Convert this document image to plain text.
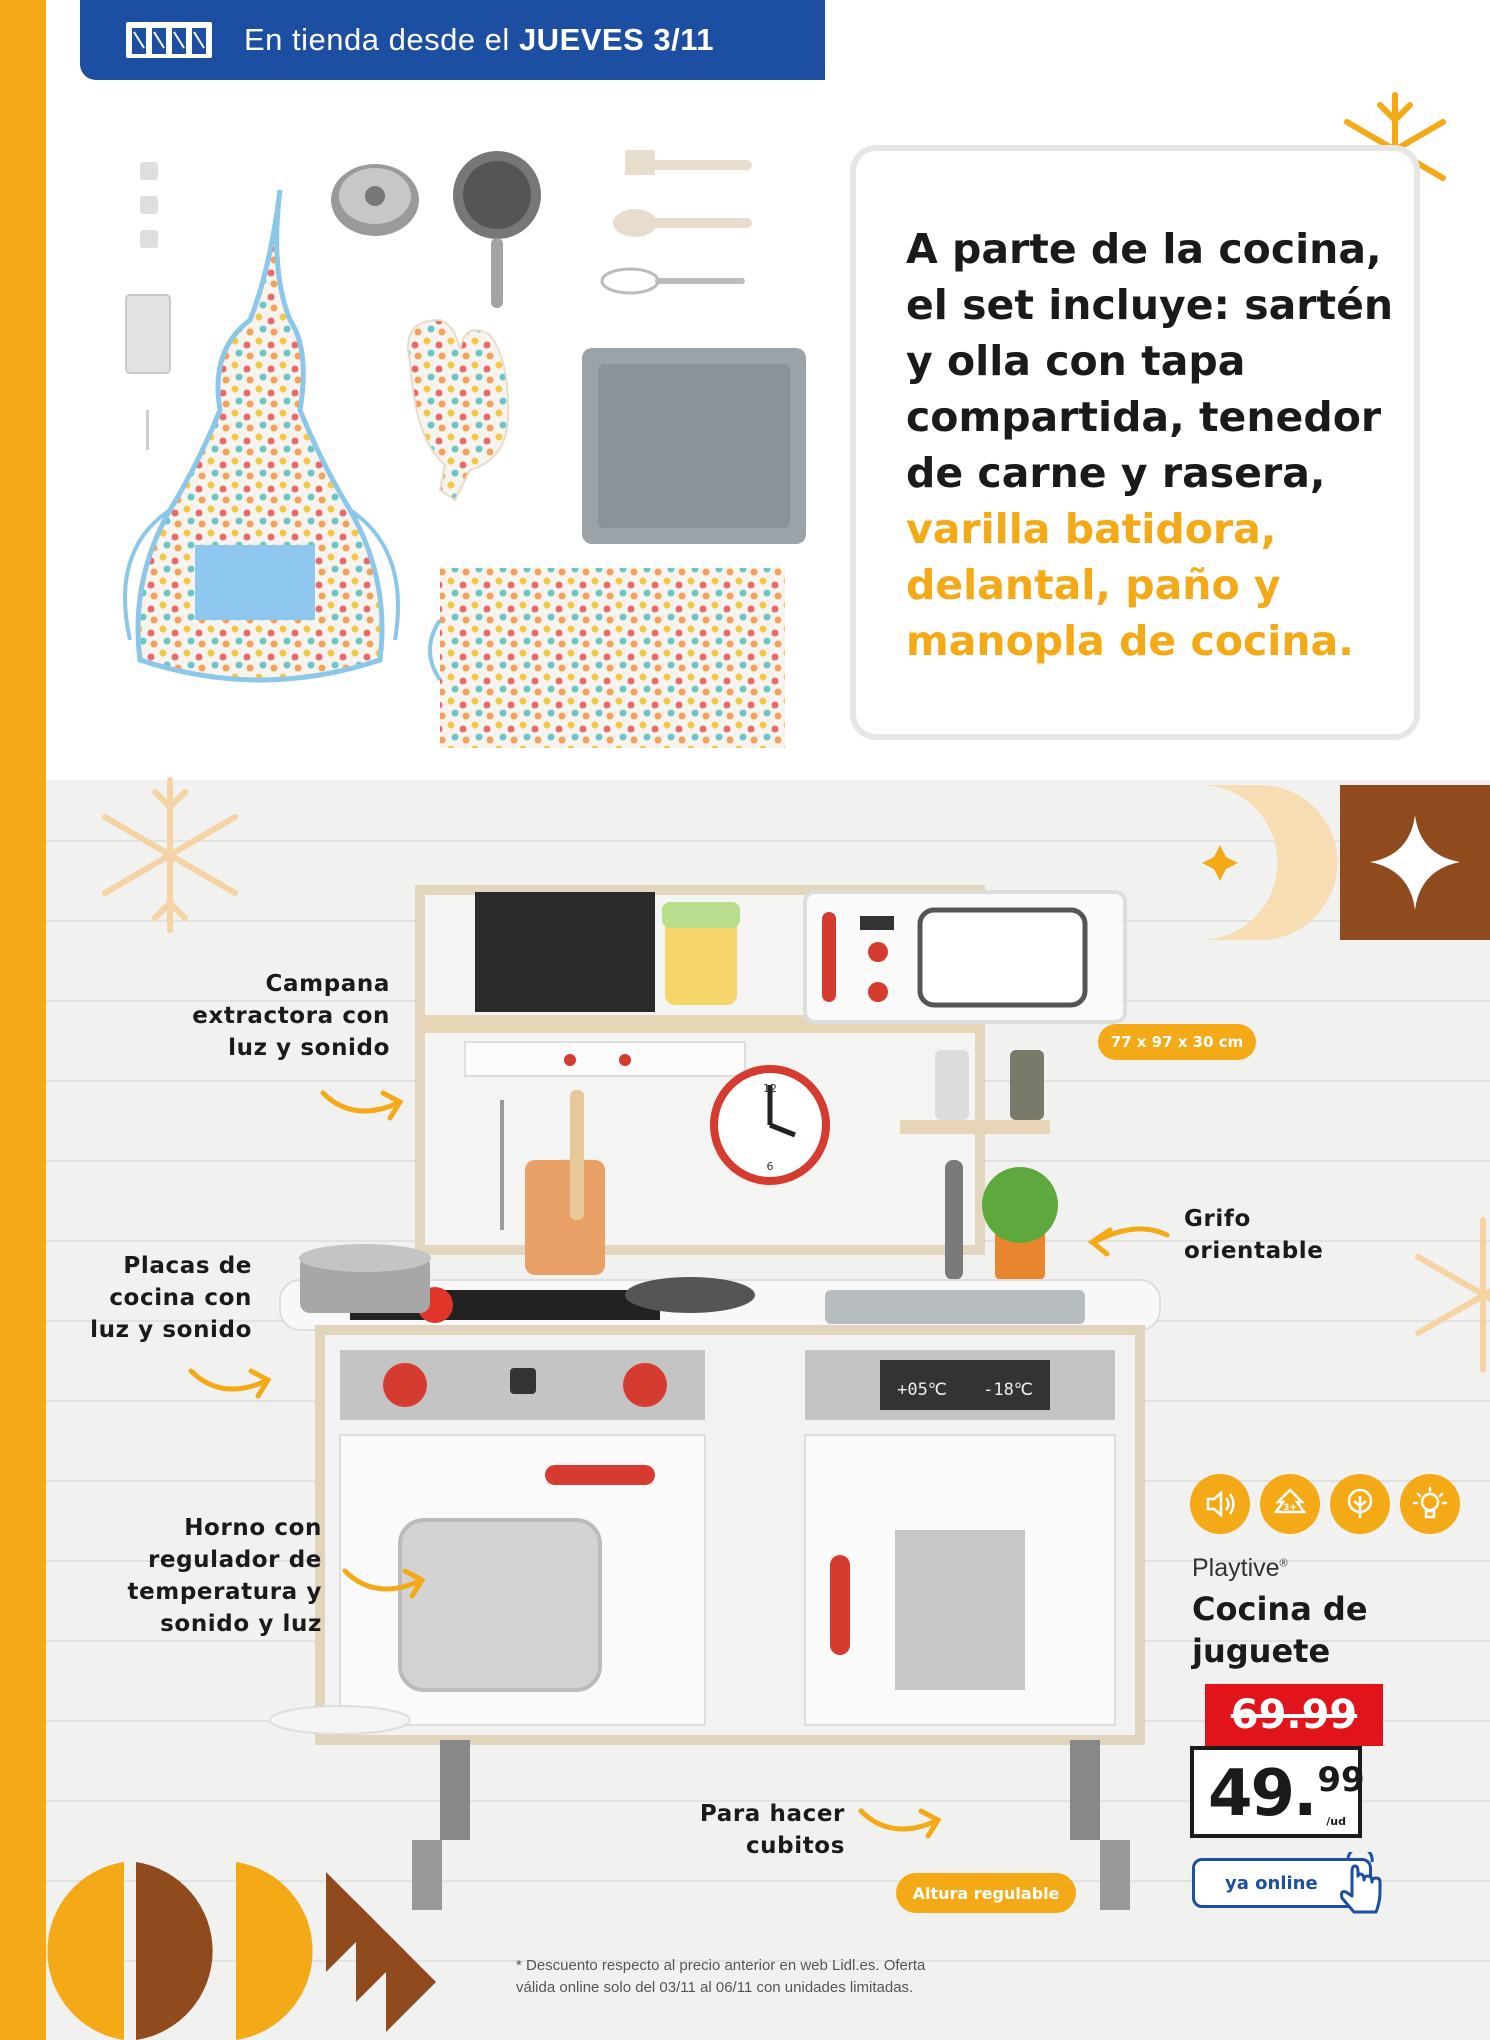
En tienda desde el JUEVES 3/11
A parte de la cocina,
el set incluye: sartén
y olla con tapa
compartida, tenedor
de carne y rasera,
varilla batidora,
delantal, paño y
manopla de cocina.
12
6
+05℃ -18℃
Campana
extractora con
luz y sonido
Placas de
cocina con
luz y sonido
Horno con
regulador de
temperatura y
sonido y luz
Grifo
orientable
Para hacer
cubitos
77 x 97 x 30 cm
Altura regulable
3+
Playtive®
Cocina de
juguete
69.99
49. 99
/ud
ya online
* Descuento respecto al precio anterior en web Lidl.es. Oferta
válida online solo del 03/11 al 06/11 con unidades limitadas.
